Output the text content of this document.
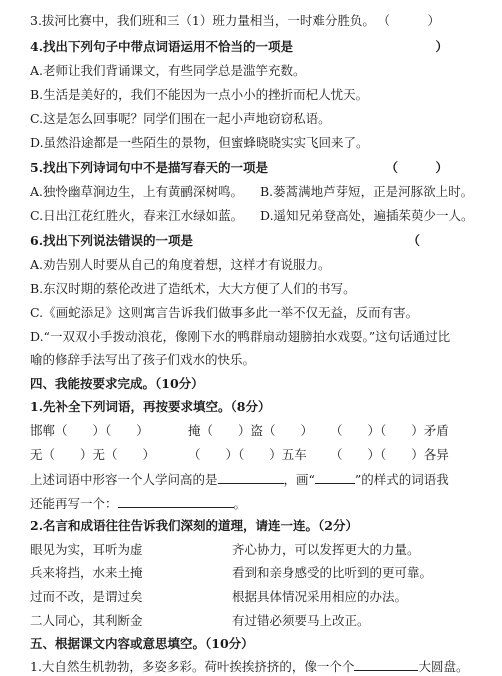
3.拔河比赛中，我们班和三（1）班力量相当，一时难分胜负。 （　　　）
4.找出下列句子中带点词语运用不恰当的一项是	）
A.老师让我们背诵课文，有些同学总是滥竽充数。
B.生活是美好的，我们不能因为一点小小的挫折而杞人忧天。
C.这是怎么回事呢？同学们围在一起小声地窃窃私语。
D.虽然沿途都是一些陌生的景物，但蜜蜂晓晓实实飞回来了。
5.找出下列诗词句中不是描写春天的一项是	（　　　）
A.独怜幽草涧边生，上有黄鹂深树鸣。 B.蒌蒿满地芦芽短，正是河豚欲上时。
C.日出江花红胜火，春来江水绿如蓝。 D.遥知兄弟登高处，遍插茱萸少一人。
6.找出下列说法错误的一项是	（
A.劝告别人时要从自己的角度着想，这样才有说服力。
B.东汉时期的蔡伦改进了造纸术，大大方便了人们的书写。
C.《画蛇添足》这则寓言告诉我们做事多此一举不仅无益，反而有害。
D.“一双双小手拨动浪花，像刚下水的鸭群扇动翅膀拍水戏耍。”这句话通过比
喻的修辞手法写出了孩子们戏水的快乐。
四、我能按要求完成。（10分）
1.先补全下列词语，再按要求填空。（8分）
邯郸（　　）（　　）	掩（　　）盗（　　） （　　）（　　）矛盾
无（　　）无（　　）	（　　）（　　）五车 （　　）（　　）各异
上述词语中形容一个人学问高的是	，画“	”的样式的词语我
还能再写一个：	。
2.名言和成语往往告诉我们深刻的道理，请连一连。（2分）
眼见为实，耳听为虚	齐心协力，可以发挥更大的力量。
兵来将挡，水来土掩	看到和亲身感受的比听到的更可靠。
过而不改，是谓过矣	根据具体情况采用相应的办法。
二人同心，其利断金	有过错必须要马上改正。
五、根据课文内容或意思填空。（10分）
1.大自然生机勃勃，多姿多彩。荷叶挨挨挤挤的，像一个个	大圆盘。
